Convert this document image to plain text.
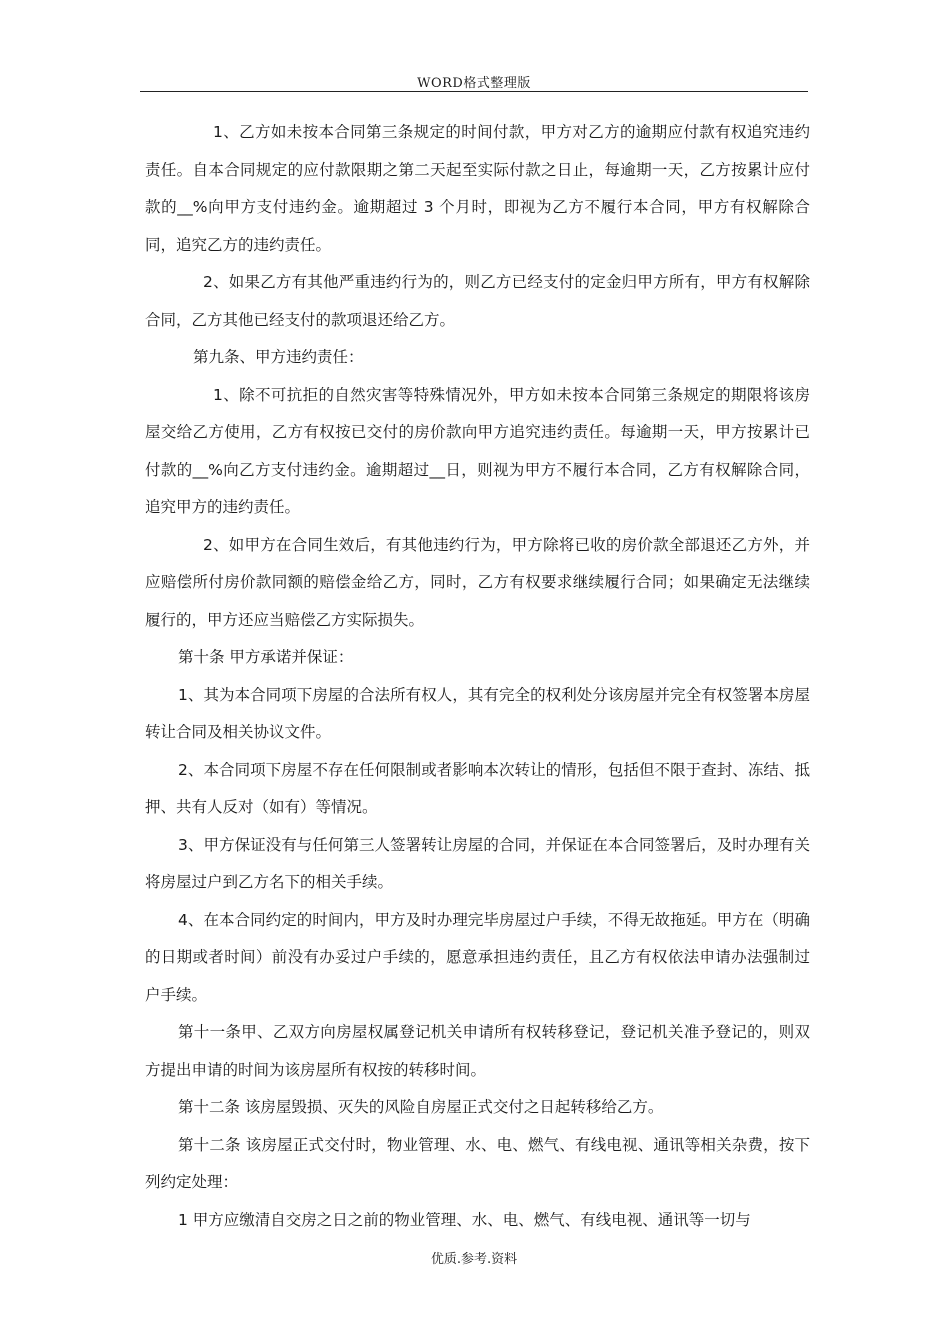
WORD格式整理版

1、乙方如未按本合同第三条规定的时间付款，甲方对乙方的逾期应付款有权追究违约责任。自本合同规定的应付款限期之第二天起至实际付款之日止，每逾期一天，乙方按累计应付款的__%向甲方支付违约金。逾期超过 3 个月时，即视为乙方不履行本合同，甲方有权解除合同，追究乙方的违约责任。

2、如果乙方有其他严重违约行为的，则乙方已经支付的定金归甲方所有，甲方有权解除合同，乙方其他已经支付的款项退还给乙方。

第九条、甲方违约责任：

1、除不可抗拒的自然灾害等特殊情况外，甲方如未按本合同第三条规定的期限将该房屋交给乙方使用，乙方有权按已交付的房价款向甲方追究违约责任。每逾期一天，甲方按累计已付款的__%向乙方支付违约金。逾期超过__日，则视为甲方不履行本合同，乙方有权解除合同，追究甲方的违约责任。

2、如甲方在合同生效后，有其他违约行为，甲方除将已收的房价款全部退还乙方外，并应赔偿所付房价款同额的赔偿金给乙方，同时，乙方有权要求继续履行合同；如果确定无法继续履行的，甲方还应当赔偿乙方实际损失。

第十条 甲方承诺并保证：

1、其为本合同项下房屋的合法所有权人，其有完全的权利处分该房屋并完全有权签署本房屋转让合同及相关协议文件。

2、本合同项下房屋不存在任何限制或者影响本次转让的情形，包括但不限于查封、冻结、抵押、共有人反对（如有）等情况。

3、甲方保证没有与任何第三人签署转让房屋的合同，并保证在本合同签署后，及时办理有关将房屋过户到乙方名下的相关手续。

4、在本合同约定的时间内，甲方及时办理完毕房屋过户手续，不得无故拖延。甲方在（明确的日期或者时间）前没有办妥过户手续的，愿意承担违约责任，且乙方有权依法申请办法强制过户手续。

第十一条甲、乙双方向房屋权属登记机关申请所有权转移登记，登记机关准予登记的，则双方提出申请的时间为该房屋所有权按的转移时间。

第十二条 该房屋毁损、灭失的风险自房屋正式交付之日起转移给乙方。

第十二条 该房屋正式交付时，物业管理、水、电、燃气、有线电视、通讯等相关杂费，按下列约定处理：

1 甲方应缴清自交房之日之前的物业管理、水、电、燃气、有线电视、通讯等一切与

优质.参考.资料
